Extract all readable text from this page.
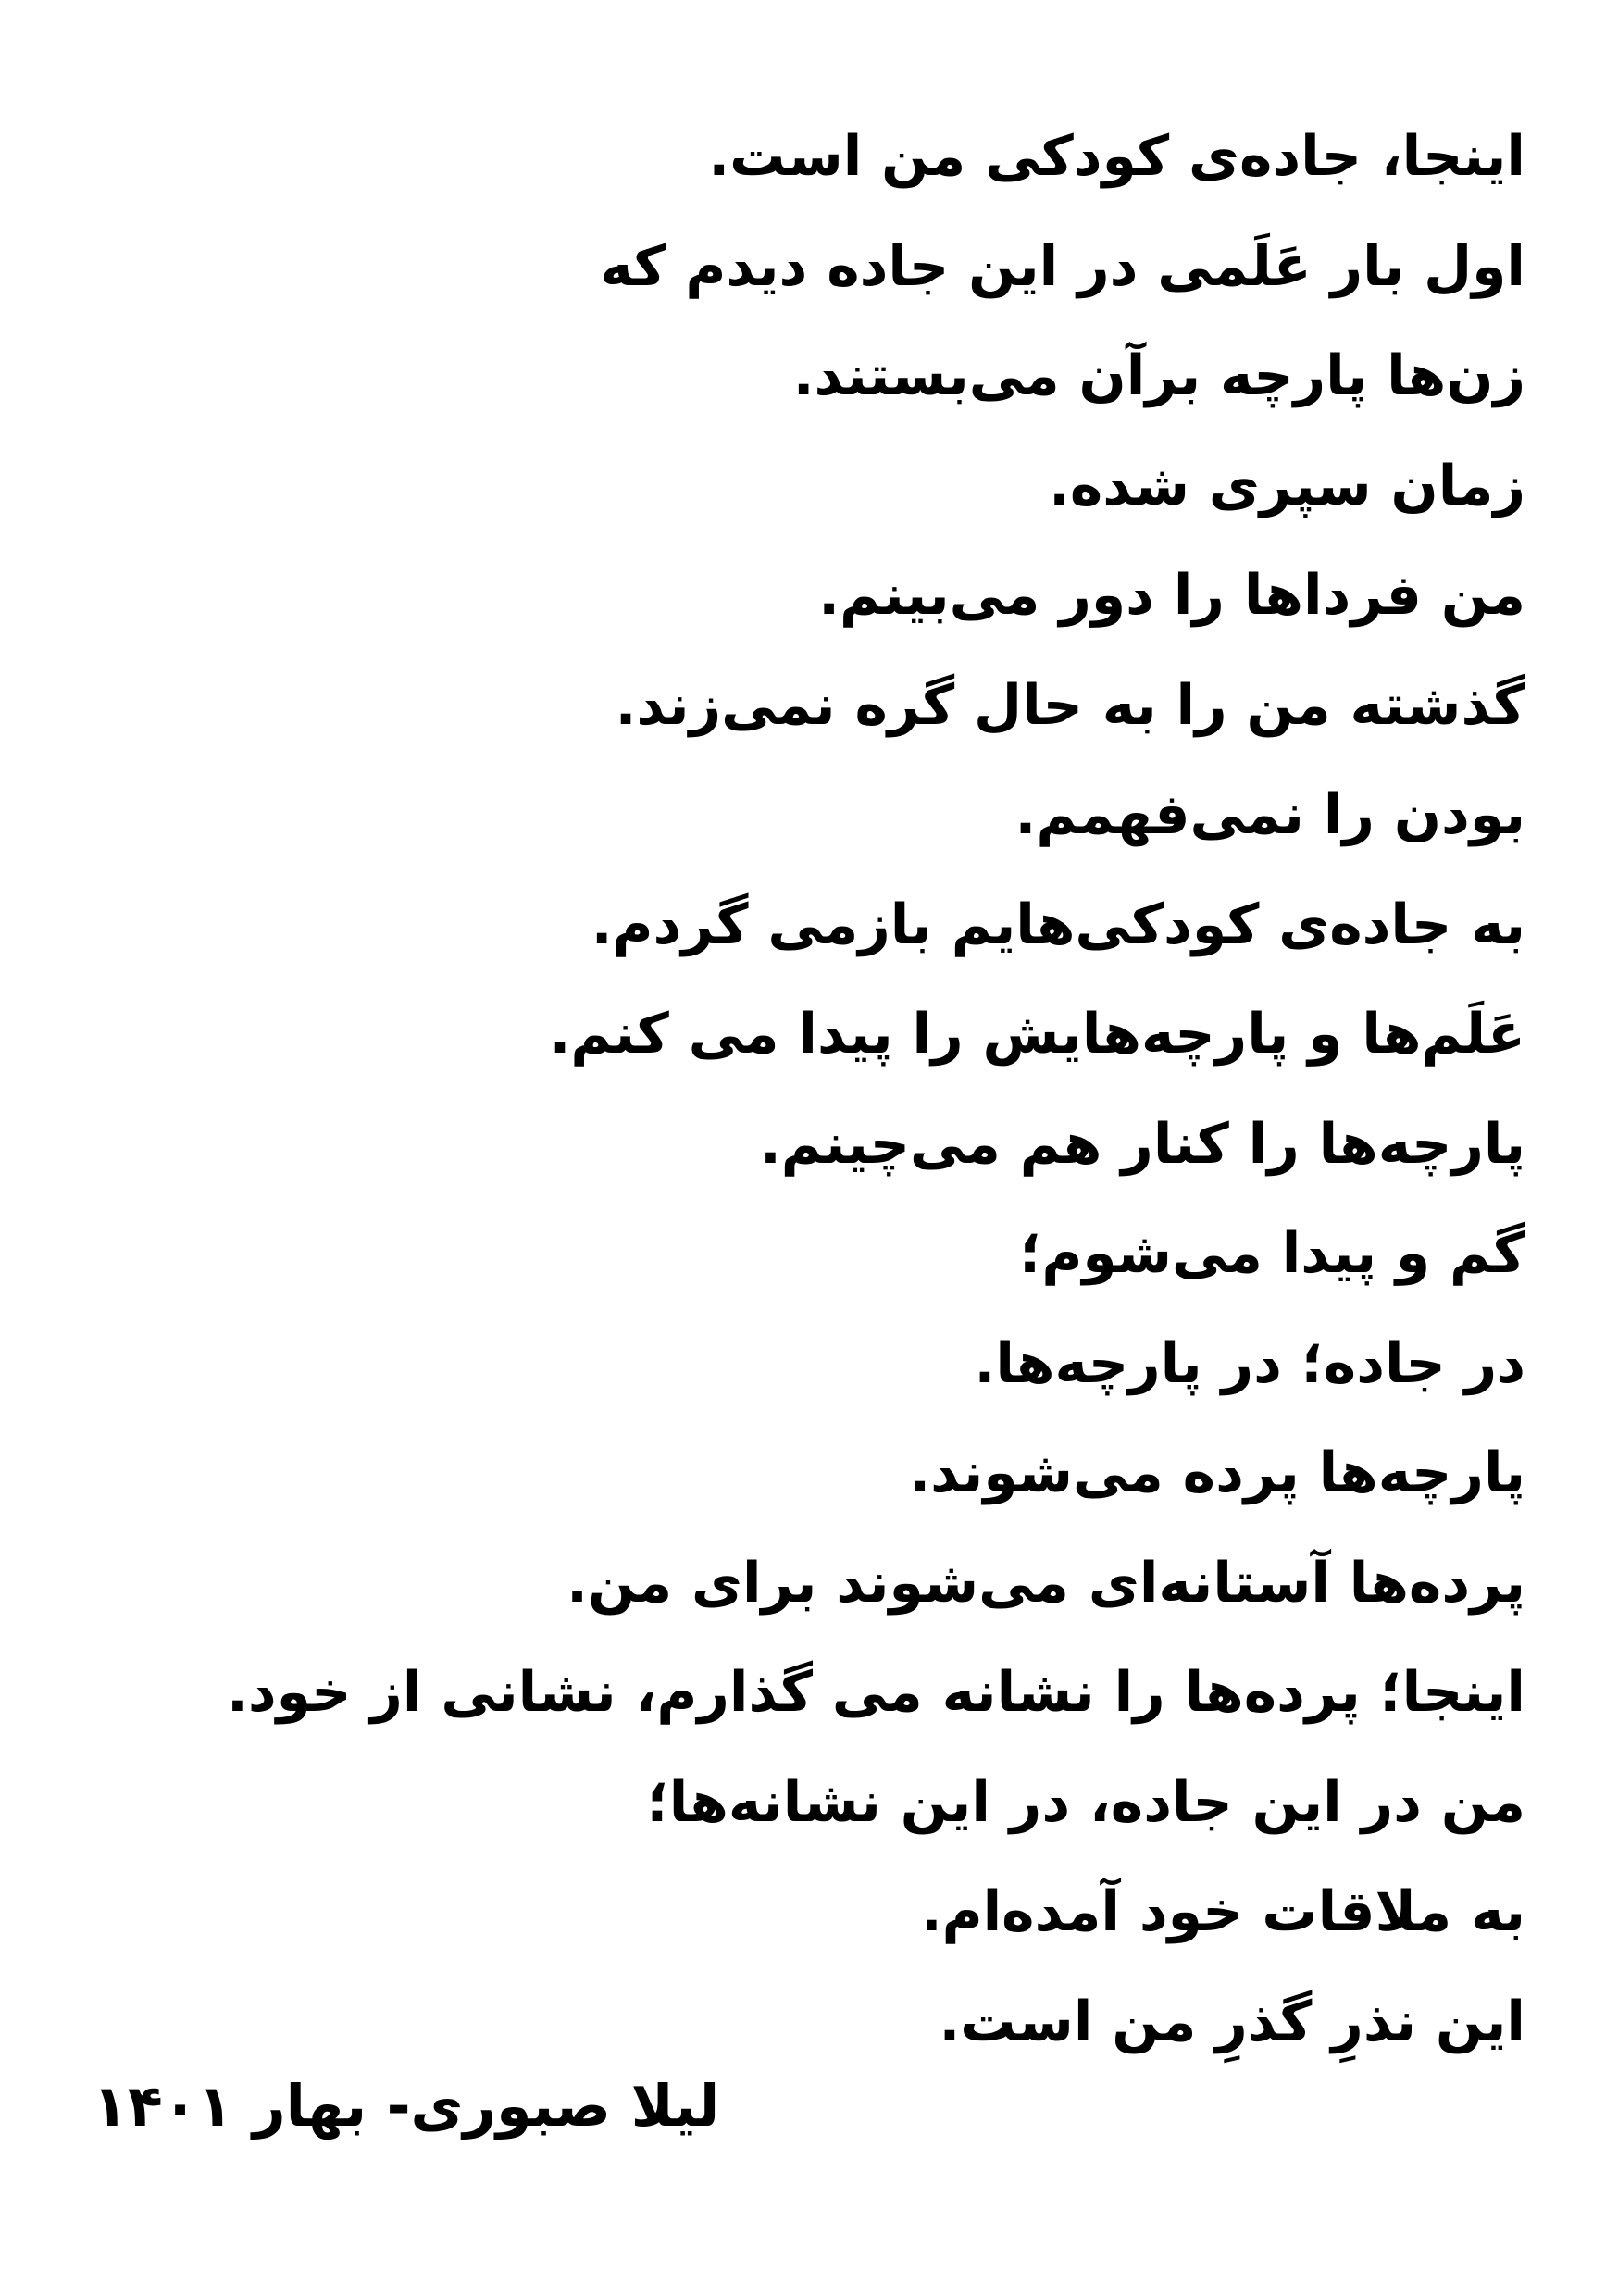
اینجا، جاده‌ی کودکی من است.
اول بار عَلَمی در این جاده دیدم که
زن‌ها پارچه برآن می‌بستند.
زمان سپری شده.
من فرداها را دور می‌بینم.
گذشته من را به حال گره نمی‌زند.
بودن را نمی‌فهمم.
به جاده‌ی کودکی‌هایم بازمی گردم.
عَلَم‌ها و پارچه‌هایش را پیدا می کنم.
پارچه‌ها را کنار هم می‌چینم.
گم و پیدا می‌شوم؛
در جاده؛ در پارچه‌ها.
پارچه‌ها پرده می‌شوند.
پرده‌ها آستانه‌ای می‌شوند برای من.
اینجا؛ پرده‌ها را نشانه می گذارم، نشانی از خود.
من در این جاده، در این نشانه‌ها؛
به ملاقات خود آمده‌ام.
این نذرِ گذرِ من است.
لیلا صبوری- بهار ۱۴۰۱
